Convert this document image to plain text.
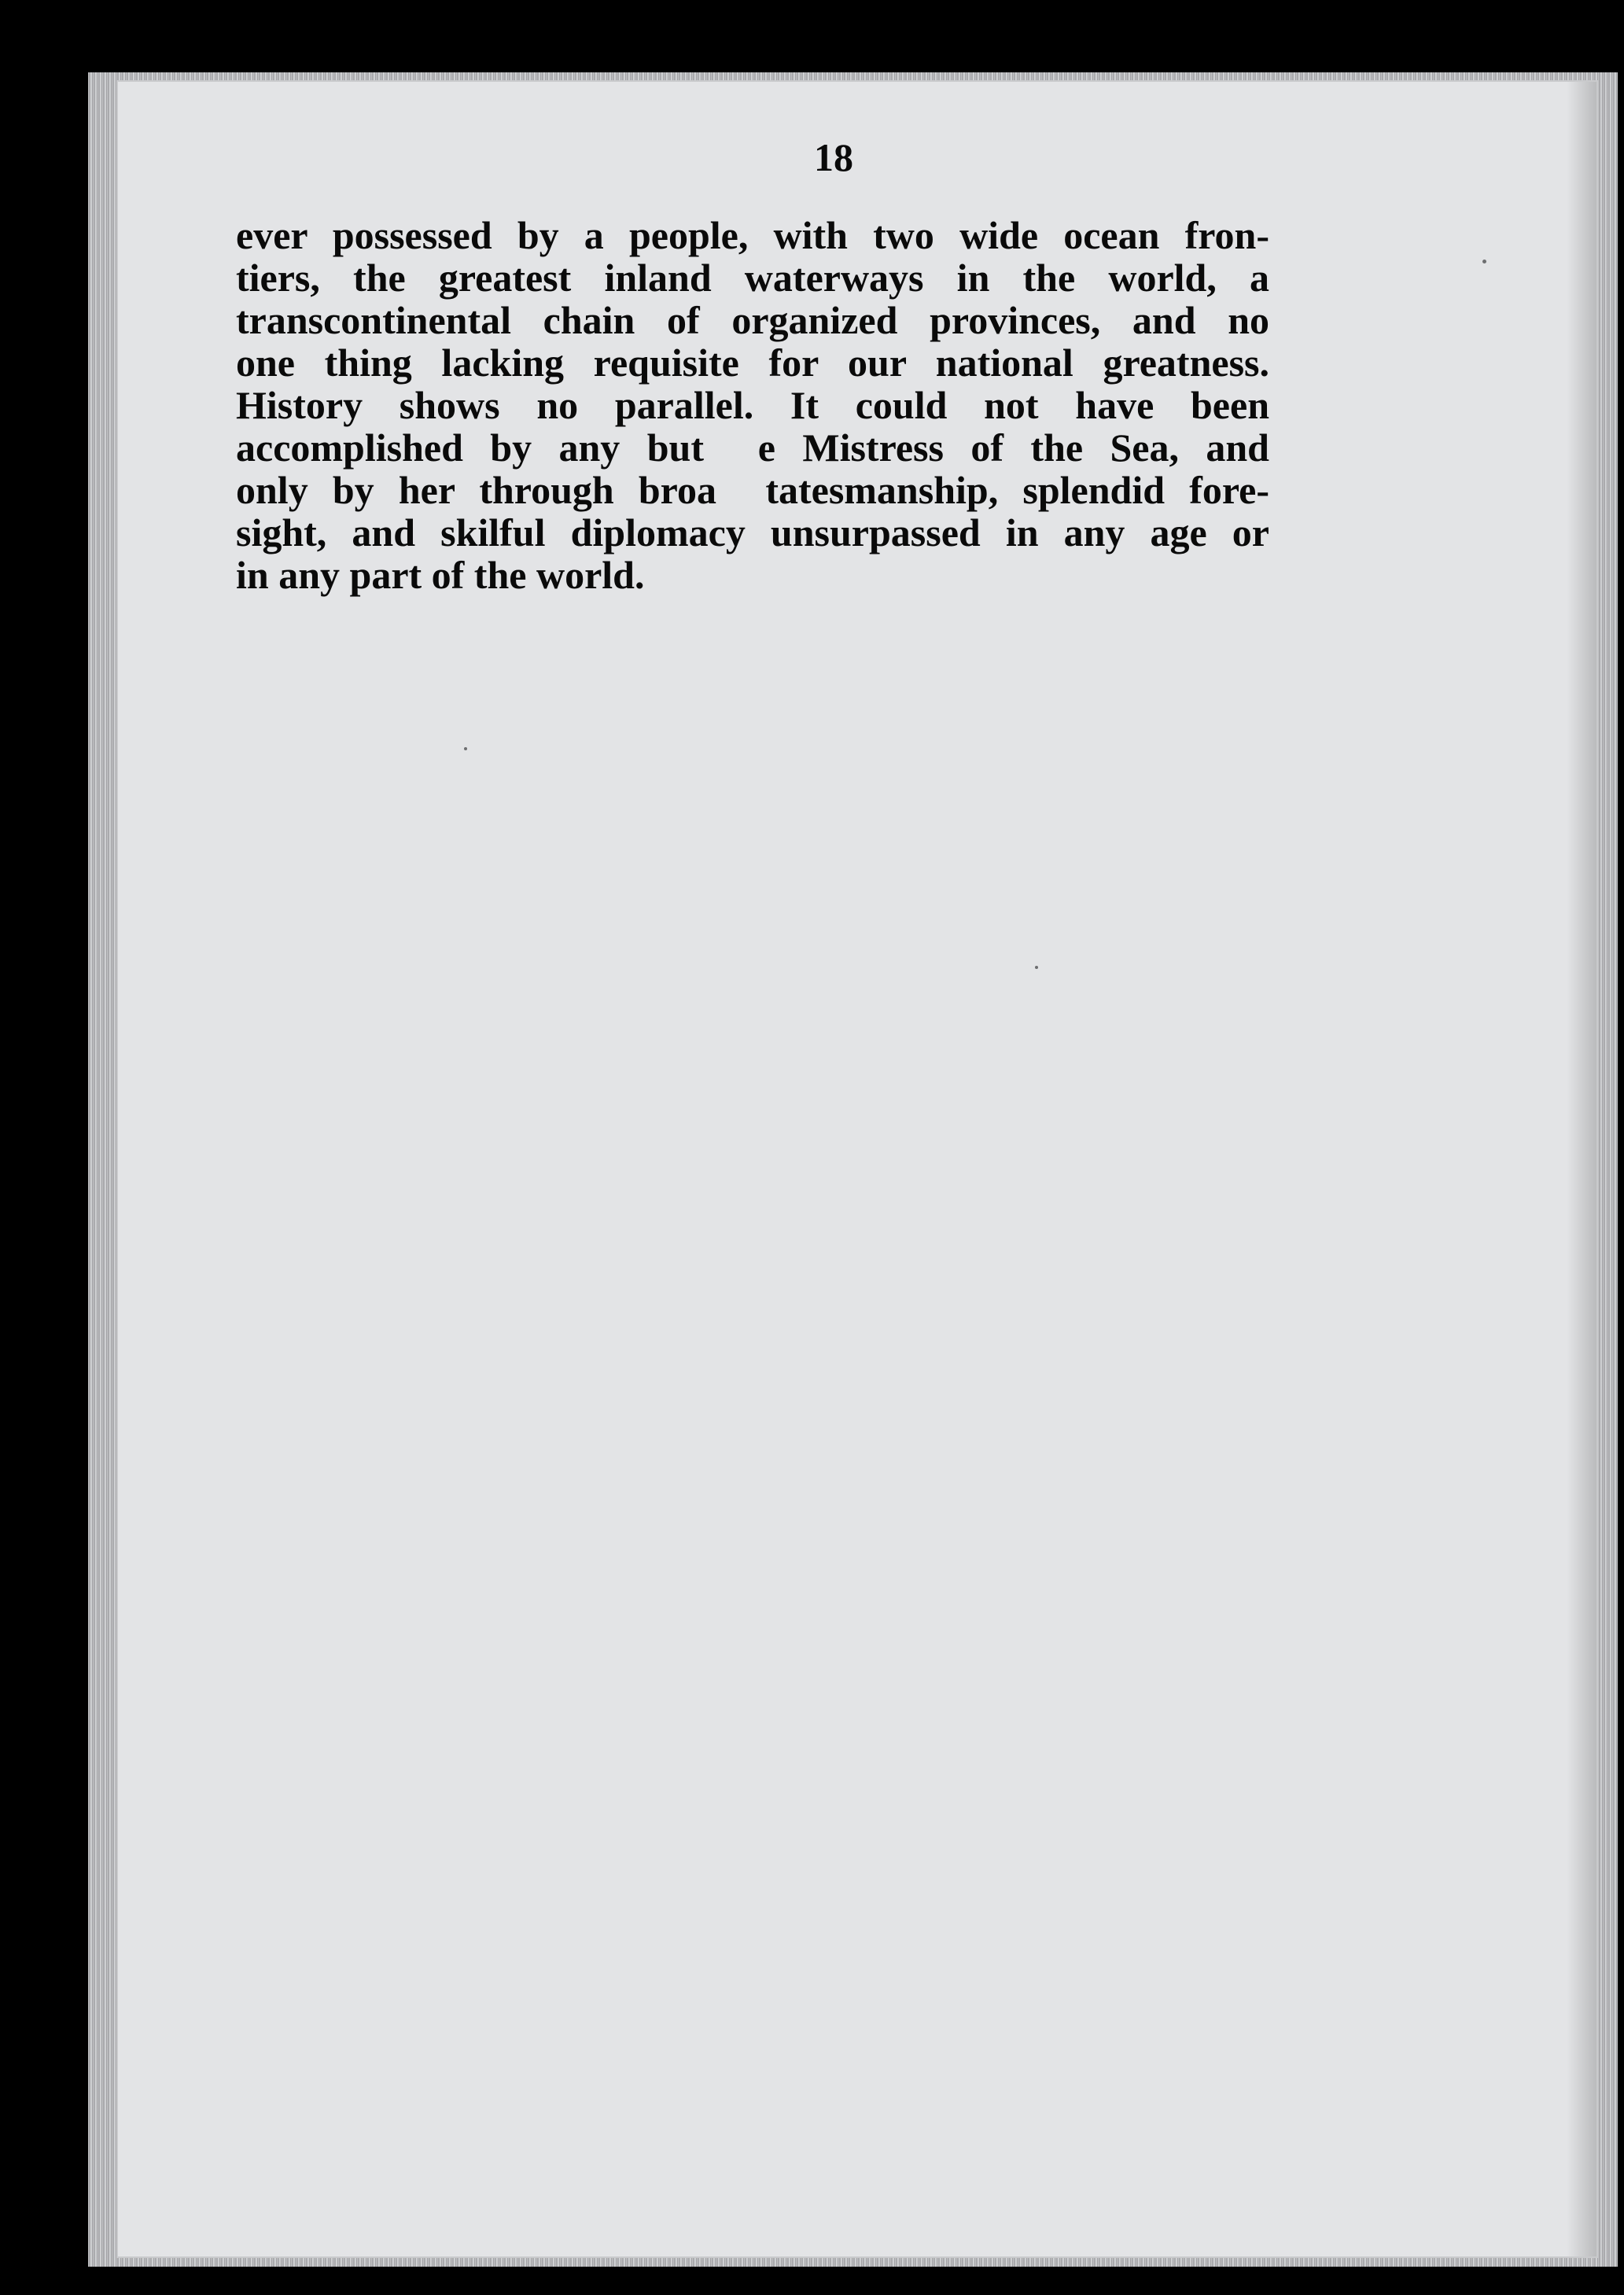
18
ever possessed by a people, with two wide ocean fron-
tiers, the greatest inland waterways in the world, a
transcontinental chain of organized provinces, and no
one thing lacking requisite for our national greatness.
History shows no parallel. It could not have been
accomplished by any but  e Mistress of the Sea, and
only by her through broa  tatesmanship, splendid fore-
sight, and skilful diplomacy unsurpassed in any age or
in any part of the world.
